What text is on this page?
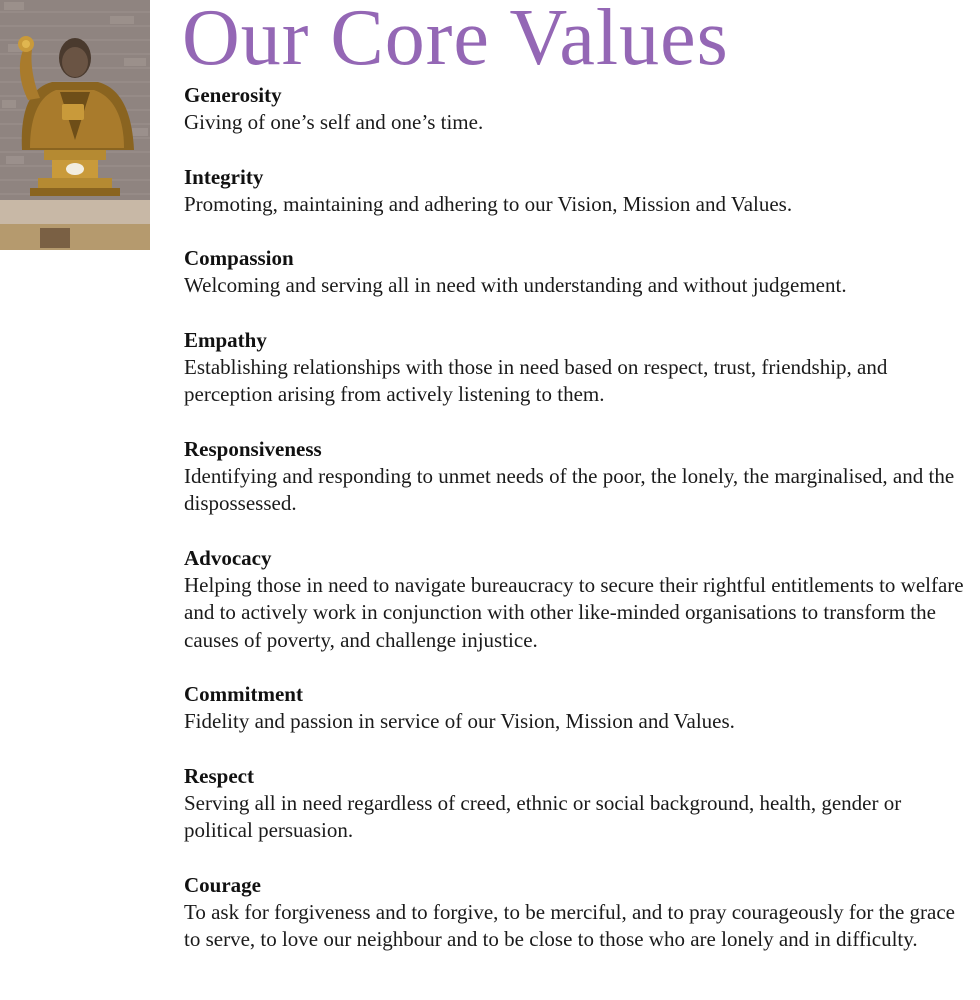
Our Core Values
Generosity
Giving of one’s self and one’s time.
Integrity
Promoting, maintaining and adhering to our Vision, Mission and Values.
Compassion
Welcoming and serving all in need with understanding and without judgement.
Empathy
Establishing relationships with those in need based on respect, trust, friendship, and perception arising from actively listening to them.
Responsiveness
Identifying and responding to unmet needs of the poor, the lonely, the marginalised, and the dispossessed.
Advocacy
Helping those in need to navigate bureaucracy to secure their rightful entitlements to welfare and to actively work in conjunction with other like-minded organisations to transform the causes of poverty, and challenge injustice.
Commitment
Fidelity and passion in service of our Vision, Mission and Values.
Respect
Serving all in need regardless of creed, ethnic or social background, health, gender or political persuasion.
Courage
To ask for forgiveness and to forgive, to be merciful, and to pray courageously for the grace to serve, to love our neighbour and to be close to those who are lonely and in difficulty.
